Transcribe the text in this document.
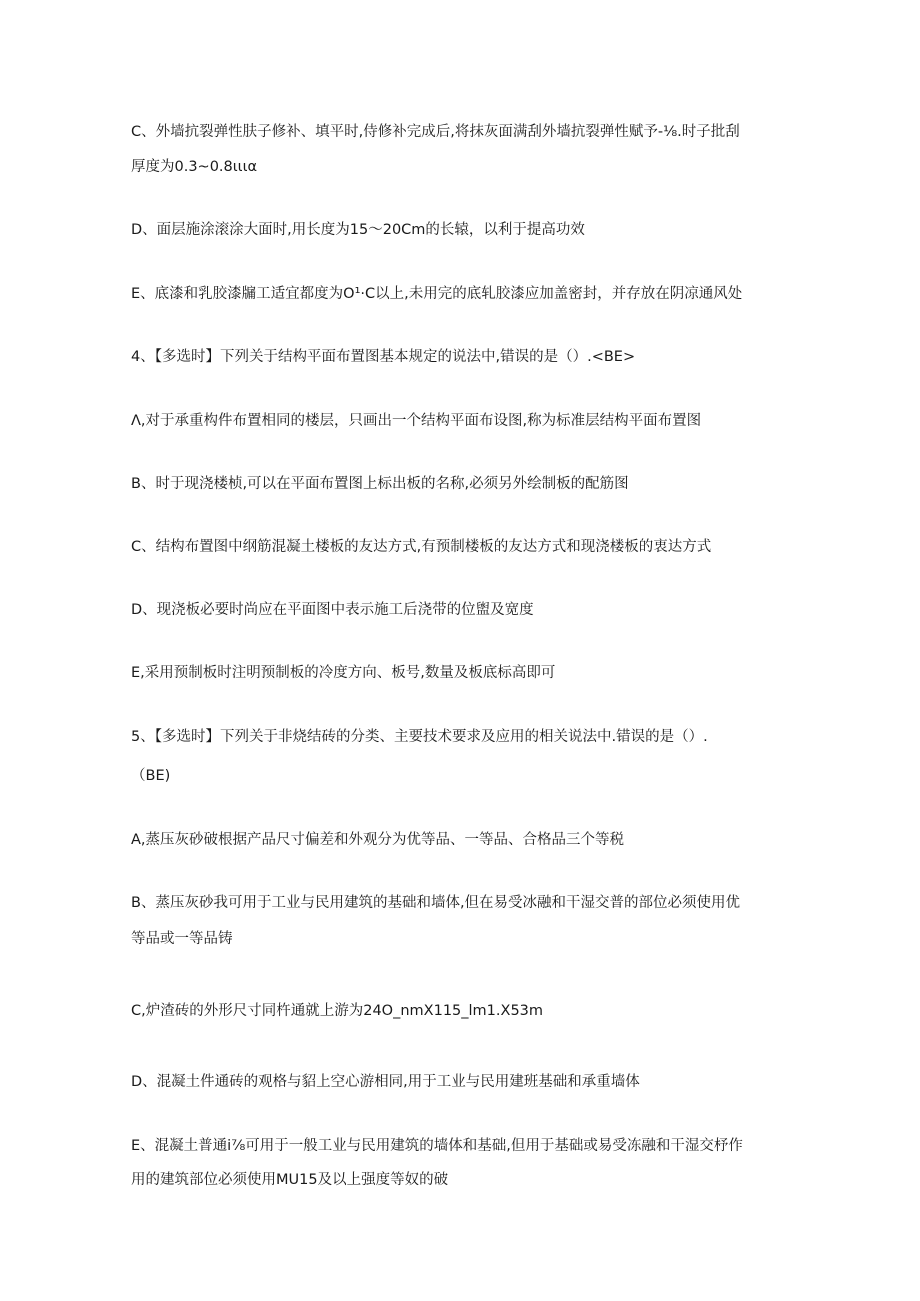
C、外墙抗裂弹性肤子修补、填平时,侍修补完成后,将抹灰面满刮外墙抗裂弹性赋予-⅛.时子批刮
厚度为0.3~0.8ιιια
D、面层施涂滚涂大面时,用长度为15〜20Cm的长辕，以利于提高功效
E、底漆和乳胶漆牖工适宜都度为O¹·C以上,未用完的底轧胶漆应加盖密封，并存放在阴凉通风处
4、【多选时】下列关于结构平面布置图基本规定的说法中,错误的是（）.<BE>
Λ,对于承重构件布置相同的楼层，只画出一个结构平面布设图,称为标准层结构平面布置图
B、时于现浇楼桢,可以在平面布置图上标出板的名称,必须另外绘制板的配筋图
C、结构布置图中纲筋混凝土楼板的友达方式,有预制楼板的友达方式和现浇楼板的衷达方式
D、现浇板必要时尚应在平面图中表示施工后浇带的位盥及宽度
E,采用预制板时注明预制板的冷度方向、板号,数量及板底标高即可
5、【多选时】下列关于非烧结砖的分类、主要技术要求及应用的相关说法中.错误的是（）.
（BE)
A,蒸压灰砂破根据产品尺寸偏差和外观分为优等品、一等品、合格品三个等税
B、蒸压灰砂我可用于工业与民用建筑的基础和墙体,但在易受冰融和干湿交普的部位必须使用优
等品或一等品铸
C,炉渣砖的外形尺寸同杵通就上游为24O_nmX115_lm1.X53m
D、混凝土件通砖的观格与貂上空心游相同,用于工业与民用建班基础和承重墙体
E、混凝土普通i⅞可用于一般工业与民用建筑的墙体和基础,但用于基础或易受冻融和干湿交杼作
用的建筑部位必须使用MU15及以上强度等奴的破
